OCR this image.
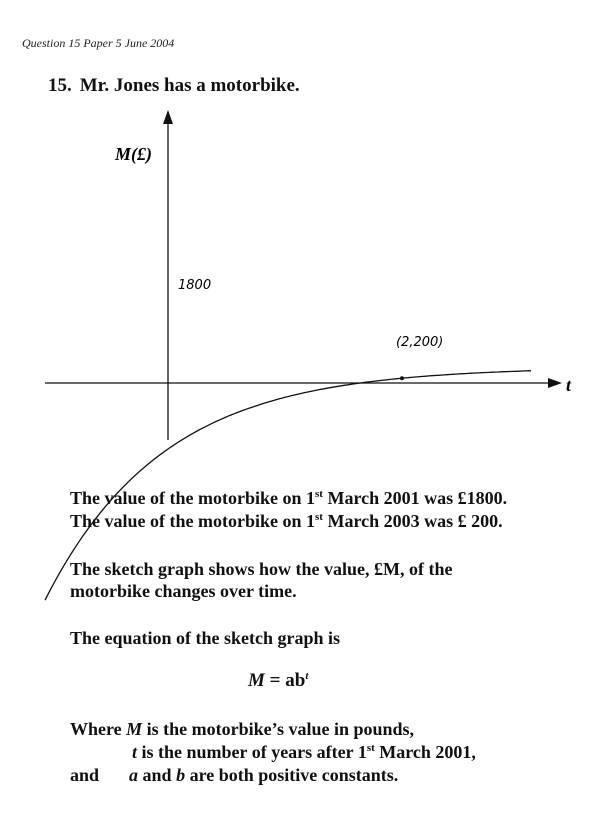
Question 15 Paper 5 June 2004
15. Mr. Jones has a motorbike.
M(£)
t
1800
(2,200)
The value of the motorbike on 1st March 2001 was £1800.
The value of the motorbike on 1st March 2003 was £ 200.
The sketch graph shows how the value, £M, of the
motorbike changes over time.
The equation of the sketch graph is
$M = ab^t$
Where M is the motorbike’s value in pounds,
t is the number of years after 1st March 2001,
and a and b are both positive constants.
